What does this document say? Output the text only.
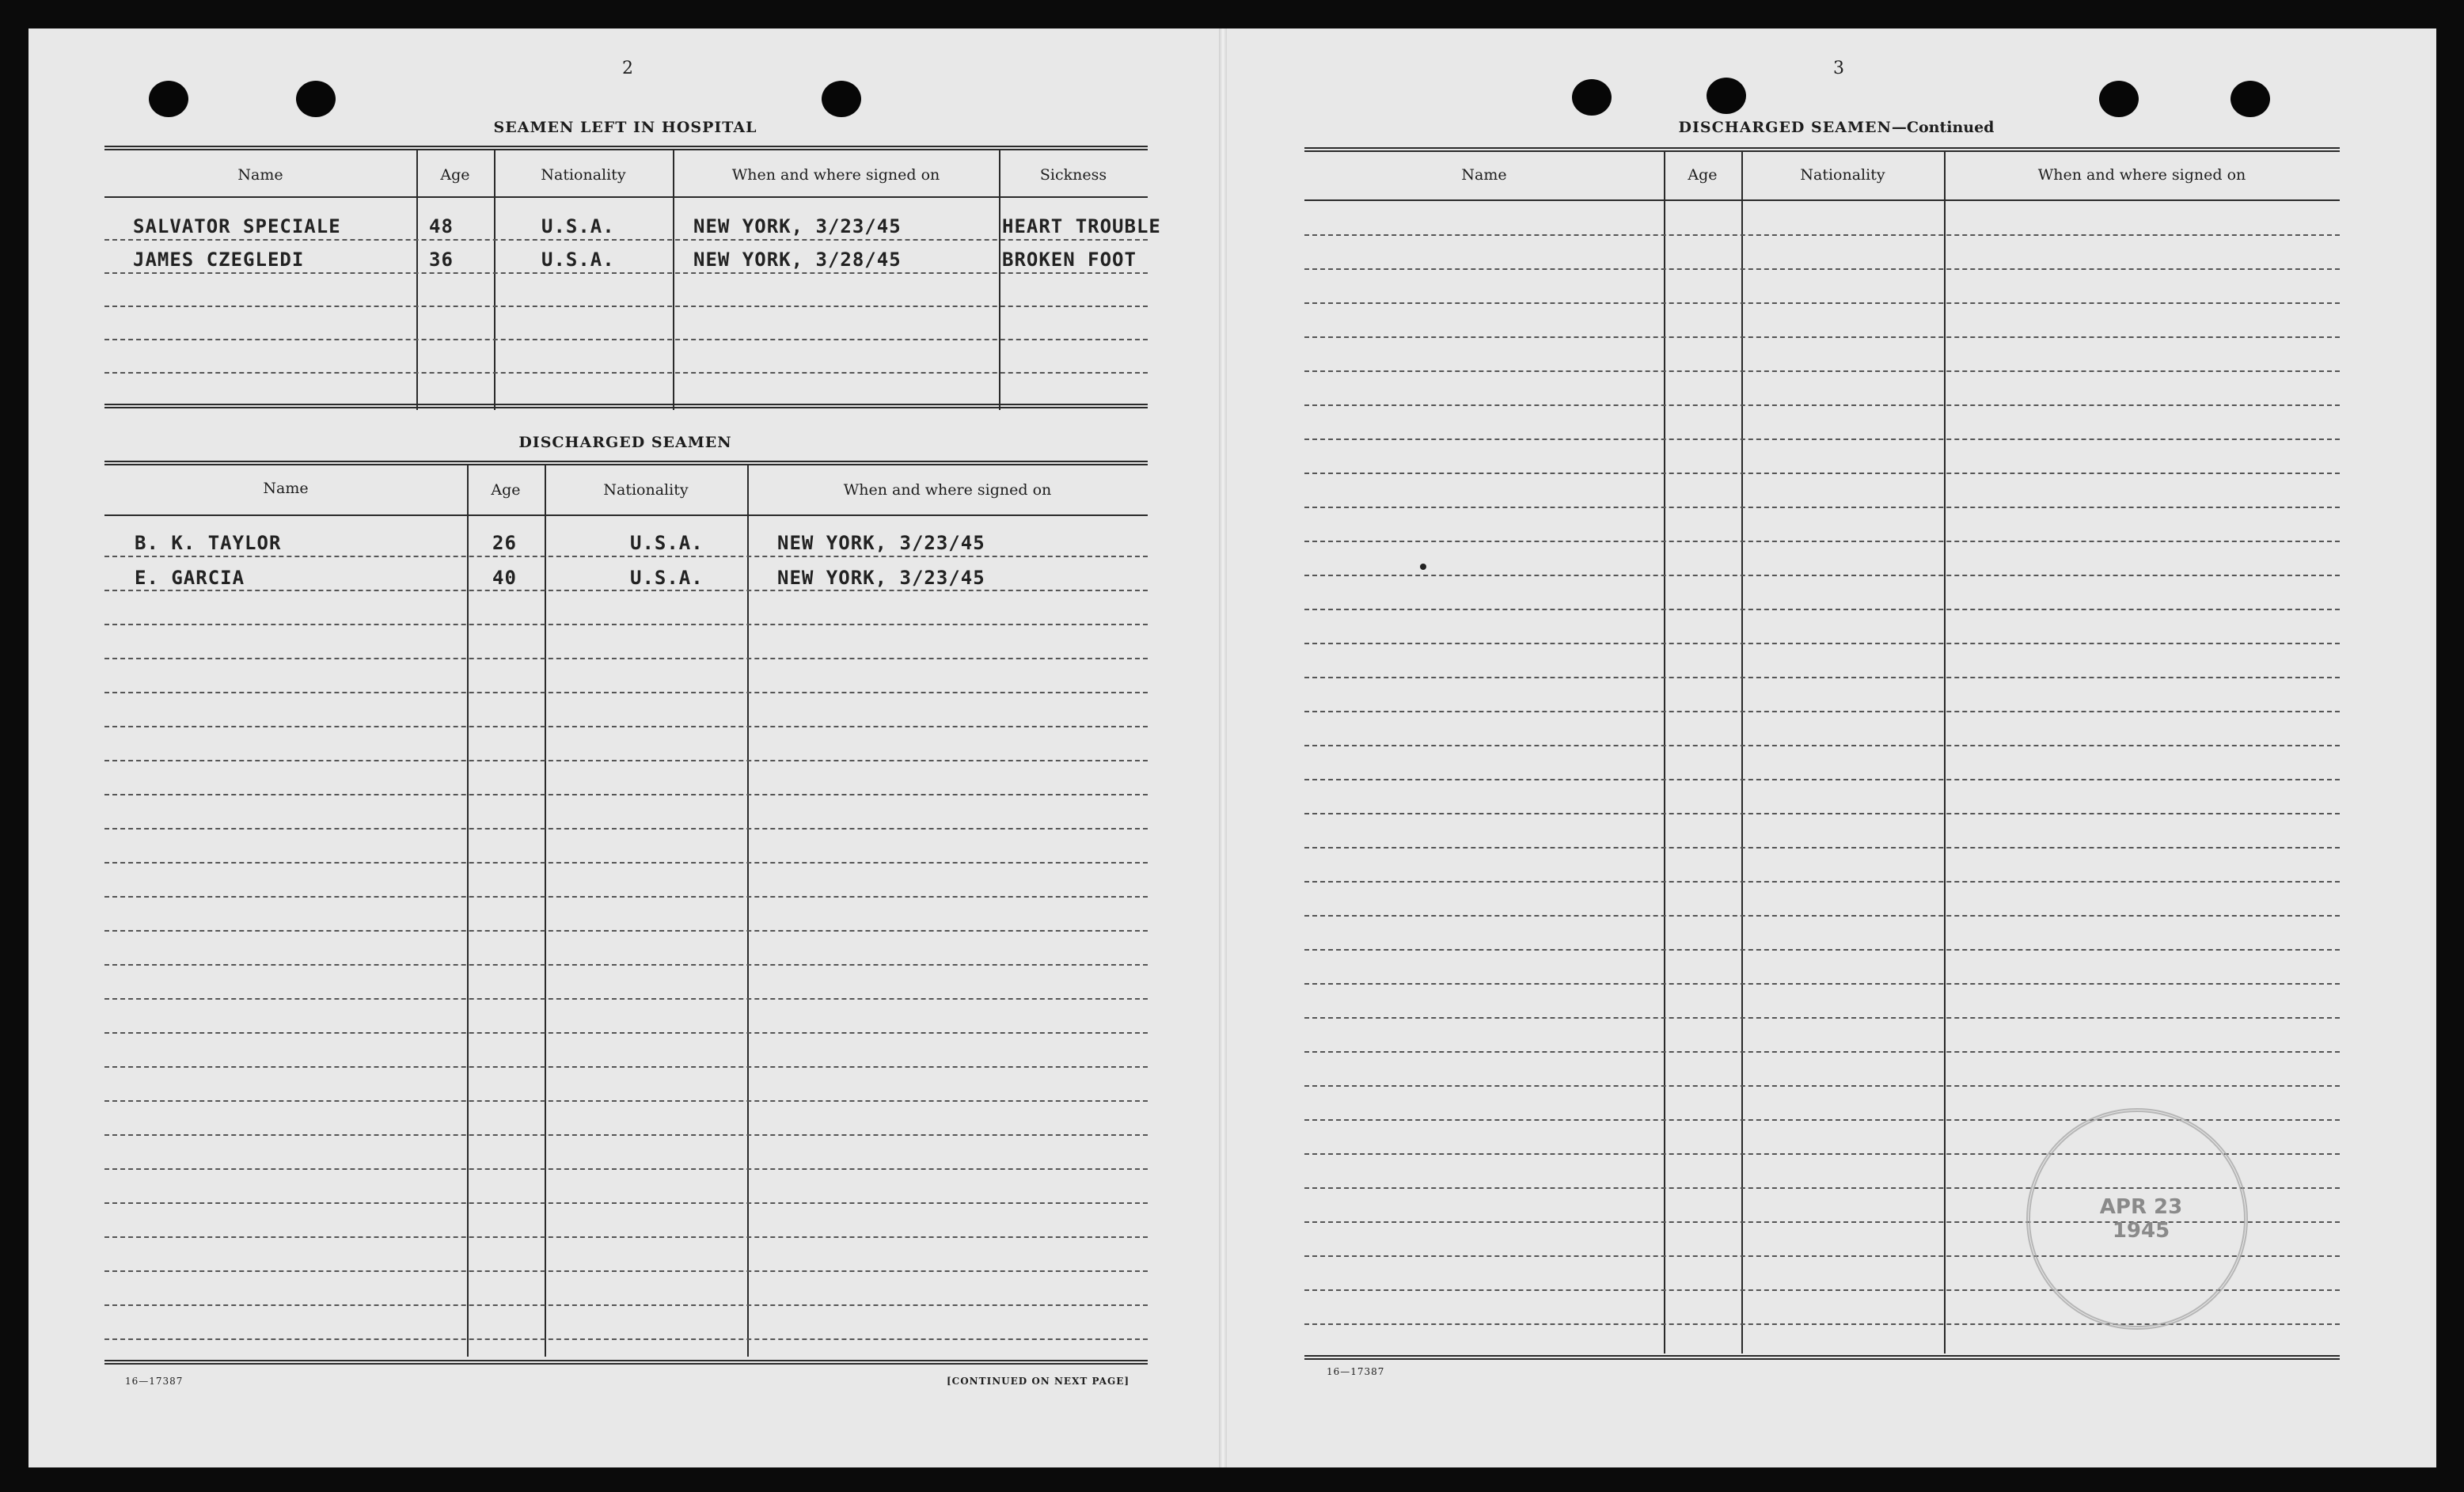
2
SEAMEN LEFT IN HOSPITAL
Name	Age	Nationality	When and where signed on	Sickness
SALVATOR SPECIALE	48	U.S.A.	NEW YORK, 3/23/45	HEART TROUBLE
JAMES CZEGLEDI	36	U.S.A.	NEW YORK, 3/28/45	BROKEN FOOT
DISCHARGED SEAMEN
Name	Age	Nationality	When and where signed on
B. K. TAYLOR	26	U.S.A.	NEW YORK, 3/23/45
E. GARCIA	40	U.S.A.	NEW YORK, 3/23/45
16—17387	[CONTINUED ON NEXT PAGE]
3
DISCHARGED SEAMEN—Continued
Name	Age	Nationality	When and where signed on
16—17387
APR 23 1945
